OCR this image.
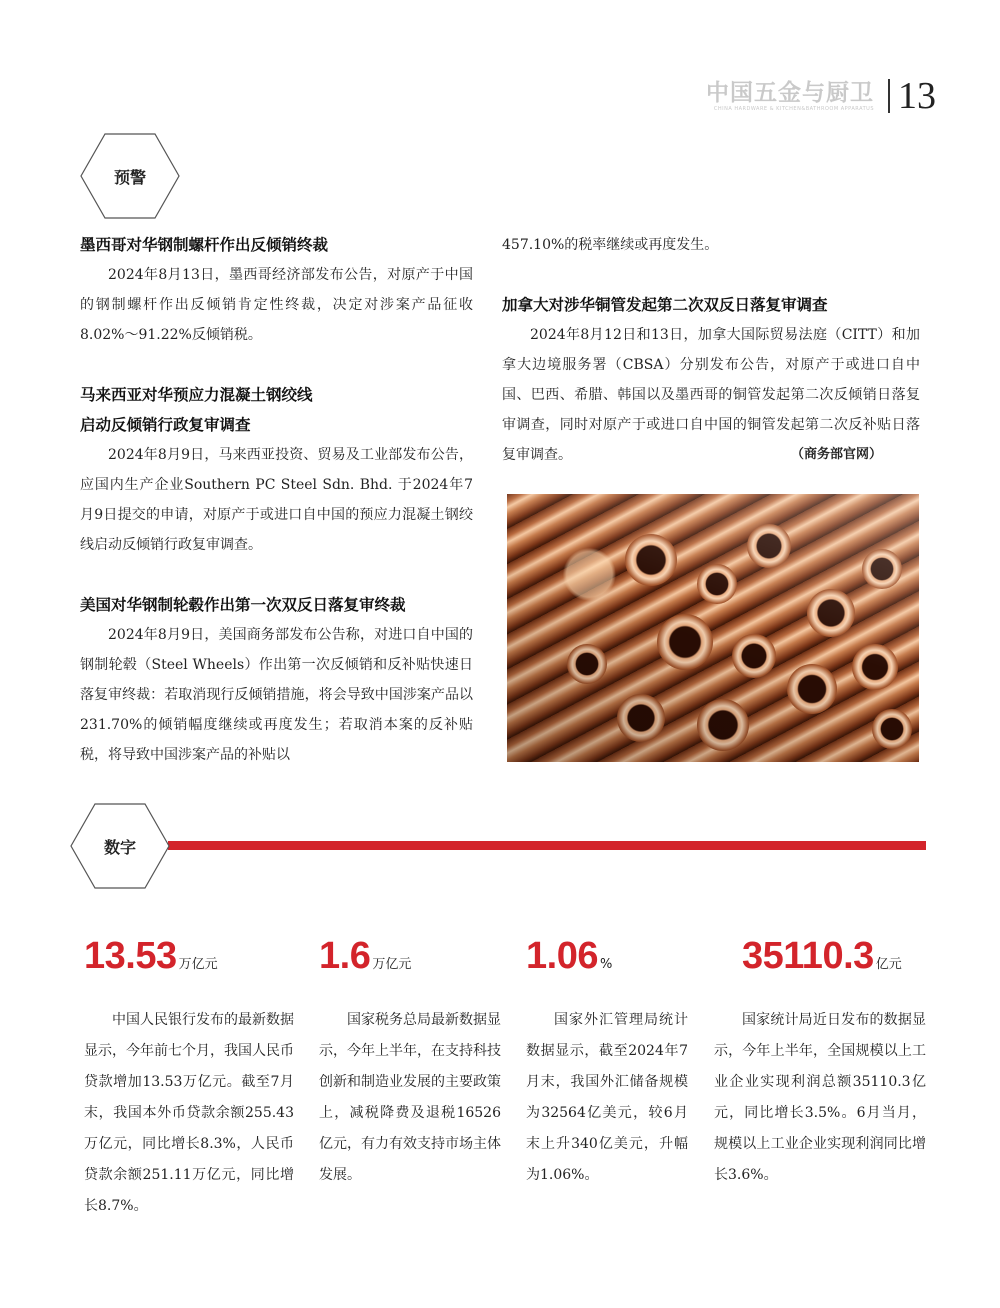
中国五金与厨卫
CHINA HARDWARE & KITCHEN&BATHROOM APPARATUS 13
预警
墨西哥对华钢制螺杆作出反倾销终裁

2024年8月13日，墨西哥经济部发布公告，对原产于中国的钢制螺杆作出反倾销肯定性终裁，决定对涉案产品征收8.02%～91.22%反倾销税。

马来西亚对华预应力混凝土钢绞线
启动反倾销行政复审调查

2024年8月9日，马来西亚投资、贸易及工业部发布公告，应国内生产企业Southern PC Steel Sdn. Bhd. 于2024年7月9日提交的申请，对原产于或进口自中国的预应力混凝土钢绞线启动反倾销行政复审调查。

美国对华钢制轮毂作出第一次双反日落复审终裁

2024年8月9日，美国商务部发布公告称，对进口自中国的钢制轮毂（Steel Wheels）作出第一次反倾销和反补贴快速日落复审终裁：若取消现行反倾销措施，将会导致中国涉案产品以231.70%的倾销幅度继续或再度发生；若取消本案的反补贴税，将导致中国涉案产品的补贴以

457.10%的税率继续或再度发生。

加拿大对涉华铜管发起第二次双反日落复审调查

2024年8月12日和13日，加拿大国际贸易法庭（CITT）和加拿大边境服务署（CBSA）分别发布公告，对原产于或进口自中国、巴西、希腊、韩国以及墨西哥的铜管发起第二次反倾销日落复审调查，同时对原产于或进口自中国的铜管发起第二次反补贴日落复审调查。	（商务部官网）
数字
13.53 万亿元

中国人民银行发布的最新数据显示，今年前七个月，我国人民币贷款增加13.53万亿元。截至7月末，我国本外币贷款余额255.43万亿元，同比增长8.3%，人民币贷款余额251.11万亿元，同比增长8.7%。

1.6 万亿元

国家税务总局最新数据显示，今年上半年，在支持科技创新和制造业发展的主要政策上，减税降费及退税16526亿元，有力有效支持市场主体发展。

1.06 %

国家外汇管理局统计数据显示，截至2024年7月末，我国外汇储备规模为32564亿美元，较6月末上升340亿美元，升幅为1.06%。

35110.3 亿元

国家统计局近日发布的数据显示，今年上半年，全国规模以上工业企业实现利润总额35110.3亿元，同比增长3.5%。6月当月，规模以上工业企业实现利润同比增长3.6%。
